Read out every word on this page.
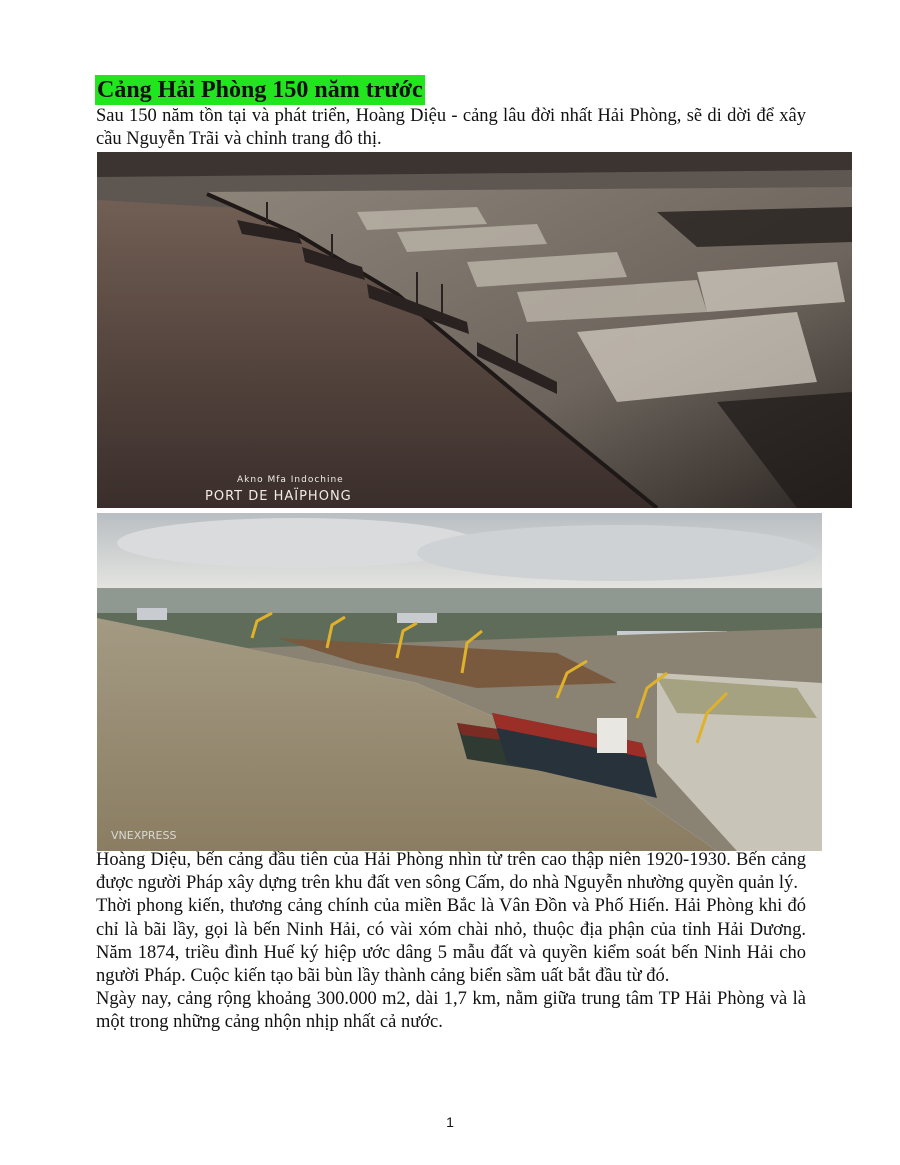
Cảng Hải Phòng 150 năm trước
Sau 150 năm tồn tại và phát triển, Hoàng Diệu - cảng lâu đời nhất Hải Phòng, sẽ di dời để xây cầu Nguyễn Trãi và chỉnh trang đô thị.
Akno Mfa Indochine
PORT DE HAÏPHONG
VNEXPRESS

Hoàng Diệu, bến cảng đầu tiên của Hải Phòng nhìn từ trên cao thập niên 1920-1930. Bến cảng được người Pháp xây dựng trên khu đất ven sông Cấm, do nhà Nguyễn nhường quyền quản lý.

Thời phong kiến, thương cảng chính của miền Bắc là Vân Đồn và Phố Hiến. Hải Phòng khi đó chỉ là bãi lầy, gọi là bến Ninh Hải, có vài xóm chài nhỏ, thuộc địa phận của tỉnh Hải Dương. Năm 1874, triều đình Huế ký hiệp ước dâng 5 mẫu đất và quyền kiểm soát bến Ninh Hải cho người Pháp. Cuộc kiến tạo bãi bùn lầy thành cảng biển sầm uất bắt đầu từ đó.

Ngày nay, cảng rộng khoảng 300.000 m2, dài 1,7 km, nằm giữa trung tâm TP Hải Phòng và là một trong những cảng nhộn nhịp nhất cả nước.

1
